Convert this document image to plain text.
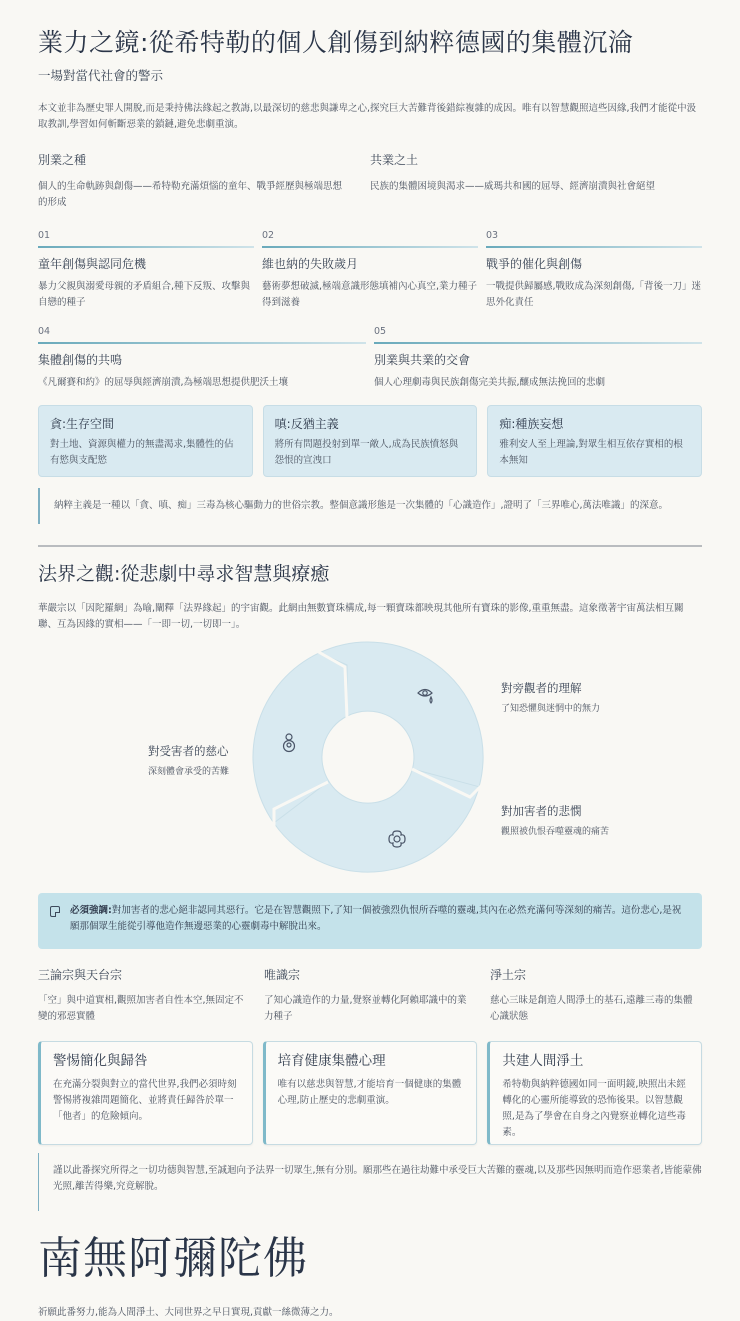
業力之鏡:從希特勒的個人創傷到納粹德國的集體沉淪
一場對當代社會的警示

本文並非為歷史罪人開脫,而是秉持佛法緣起之教誨,以最深切的慈悲與謙卑之心,探究巨大苦難背後錯綜複雜的成因。唯有以智慧觀照這些因緣,我們才能從中汲取教訓,學習如何斬斷惡業的鎖鏈,避免悲劇重演。

別業之種
個人的生命軌跡與創傷——希特勒充滿煩惱的童年、戰爭經歷與極端思想的形成
共業之土
民族的集體困境與渴求——威瑪共和國的屈辱、經濟崩潰與社會絕望
01
童年創傷與認同危機
暴力父親與溺愛母親的矛盾組合,種下反叛、攻擊與自戀的種子
02
維也納的失敗歲月
藝術夢想破滅,極端意識形態填補內心真空,業力種子得到滋養
03
戰爭的催化與創傷
一戰提供歸屬感,戰敗成為深刻創傷,「背後一刀」迷思外化責任
04
集體創傷的共鳴
《凡爾賽和約》的屈辱與經濟崩潰,為極端思想提供肥沃土壤
05
別業與共業的交會
個人心理劇毒與民族創傷完美共振,釀成無法挽回的悲劇
貪:生存空間
對土地、資源與權力的無盡渴求,集體性的佔有慾與支配慾
嗔:反猶主義
將所有問題投射到單一敵人,成為民族憤怒與怨恨的宣洩口
痴:種族妄想
雅利安人至上理論,對眾生相互依存實相的根本無知
納粹主義是一種以「貪、嗔、痴」三毒為核心驅動力的世俗宗教。整個意識形態是一次集體的「心識造作」,證明了「三界唯心,萬法唯識」的深意。
法界之觀:從悲劇中尋求智慧與療癒

華嚴宗以「因陀羅網」為喻,闡釋「法界緣起」的宇宙觀。此網由無數寶珠構成,每一顆寶珠都映現其他所有寶珠的影像,重重無盡。這象徵著宇宙萬法相互關聯、互為因緣的實相——「一即一切,一切即一」。

對受害者的慈心
深刻體會承受的苦難
對旁觀者的理解
了知恐懼與迷惘中的無力
對加害者的悲憫
觀照被仇恨吞噬靈魂的痛苦
必須強調:對加害者的悲心絕非認同其惡行。它是在智慧觀照下,了知一個被強烈仇恨所吞噬的靈魂,其內在必然充滿何等深刻的痛苦。這份悲心,是祝願那個眾生能從引導他造作無邊惡業的心靈劇毒中解脫出來。
三論宗與天台宗
「空」與中道實相,觀照加害者自性本空,無固定不變的邪惡實體
唯識宗
了知心識造作的力量,覺察並轉化阿賴耶識中的業力種子
淨土宗
慈心三昧是創造人間淨土的基石,遠離三毒的集體心識狀態
警惕簡化與歸咎
在充滿分裂與對立的當代世界,我們必須時刻警惕將複雜問題簡化、並將責任歸咎於單一「他者」的危險傾向。
培育健康集體心理
唯有以慈悲與智慧,才能培育一個健康的集體心理,防止歷史的悲劇重演。
共建人間淨土
希特勒與納粹德國如同一面明鏡,映照出未經轉化的心靈所能導致的恐怖後果。以智慧觀照,是為了學會在自身之內覺察並轉化這些毒素。
謹以此番探究所得之一切功德與智慧,至誠迴向予法界一切眾生,無有分別。願那些在過往劫難中承受巨大苦難的靈魂,以及那些因無明而造作惡業者,皆能蒙佛光照,離苦得樂,究竟解脫。
南無阿彌陀佛

祈願此番努力,能為人間淨土、大同世界之早日實現,貢獻一絲微薄之力。
